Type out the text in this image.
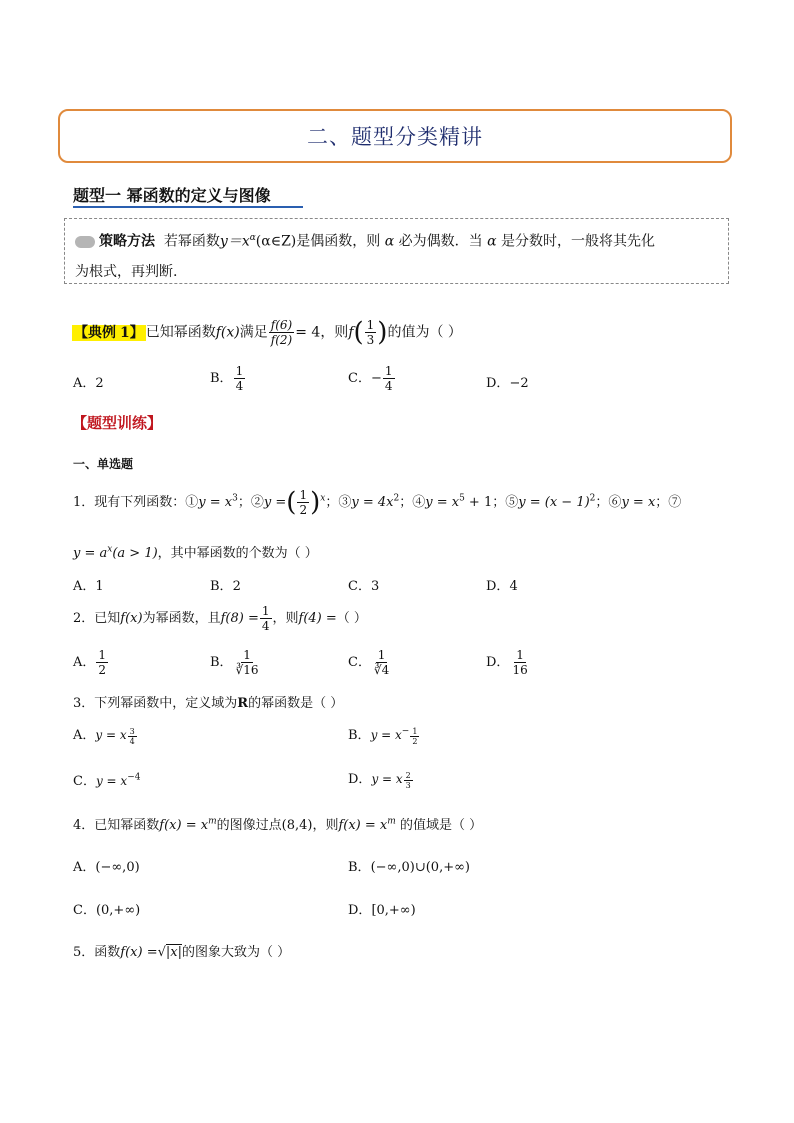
二、题型分类精讲
题型一 幂函数的定义与图像
策略方法 若幂函数$y=x^\alpha(\alpha\in Z)$是偶函数，则 α 必为偶数．当 α 是分数时，一般将其先化
为根式，再判断.
【典例 1】 已知幂函数f(x)满足 $\frac{f(6)}{f(2)} = 4$，则$f( \frac{1}{3}$ )的值为（ ）
A．2	B． $\frac{1}{4}$	C．− $\frac{1}{4}$	D．−2
【题型训练】
一、单选题
1．现有下列函数：①y = $x^3$；②y =( $\frac{1}{2} )^x$；③y = $4x^2$；④y = $x^5 + 1$；⑤y = $(x - 1)^2$；⑥y = x；⑦
$y = a^x(a > 1)$，其中幂函数的个数为（ ）
A．1	B．2	C．3	D．4
2．已知f(x)为幂函数，且$f(8) = \frac{1}{4}$ ，则f(4) =（ ）
A． $\frac{1}{2}$	B． $\frac{1}{∛16}$	C． $\frac{1}{∛4}$	D． $\frac{1}{16}$
3．下列幂函数中，定义域为R的幂函数是（ ）
A．y = x $\frac{3}{4}$	B．$y = x^- \frac{1}{2}$
C．$y = x^{-4}$	D．y = x $\frac{2}{3}$
4．已知幂函数$f(x) = x^m$的图像过点(8,4)，则$f(x) = x^m$ 的值域是（ ）
A．(−∞,0)	B．(−∞,0)∪(0,+∞)
C．(0,+∞)	D．[0,+∞)
5．函数f(x) =√|x|的图象大致为（ ）
